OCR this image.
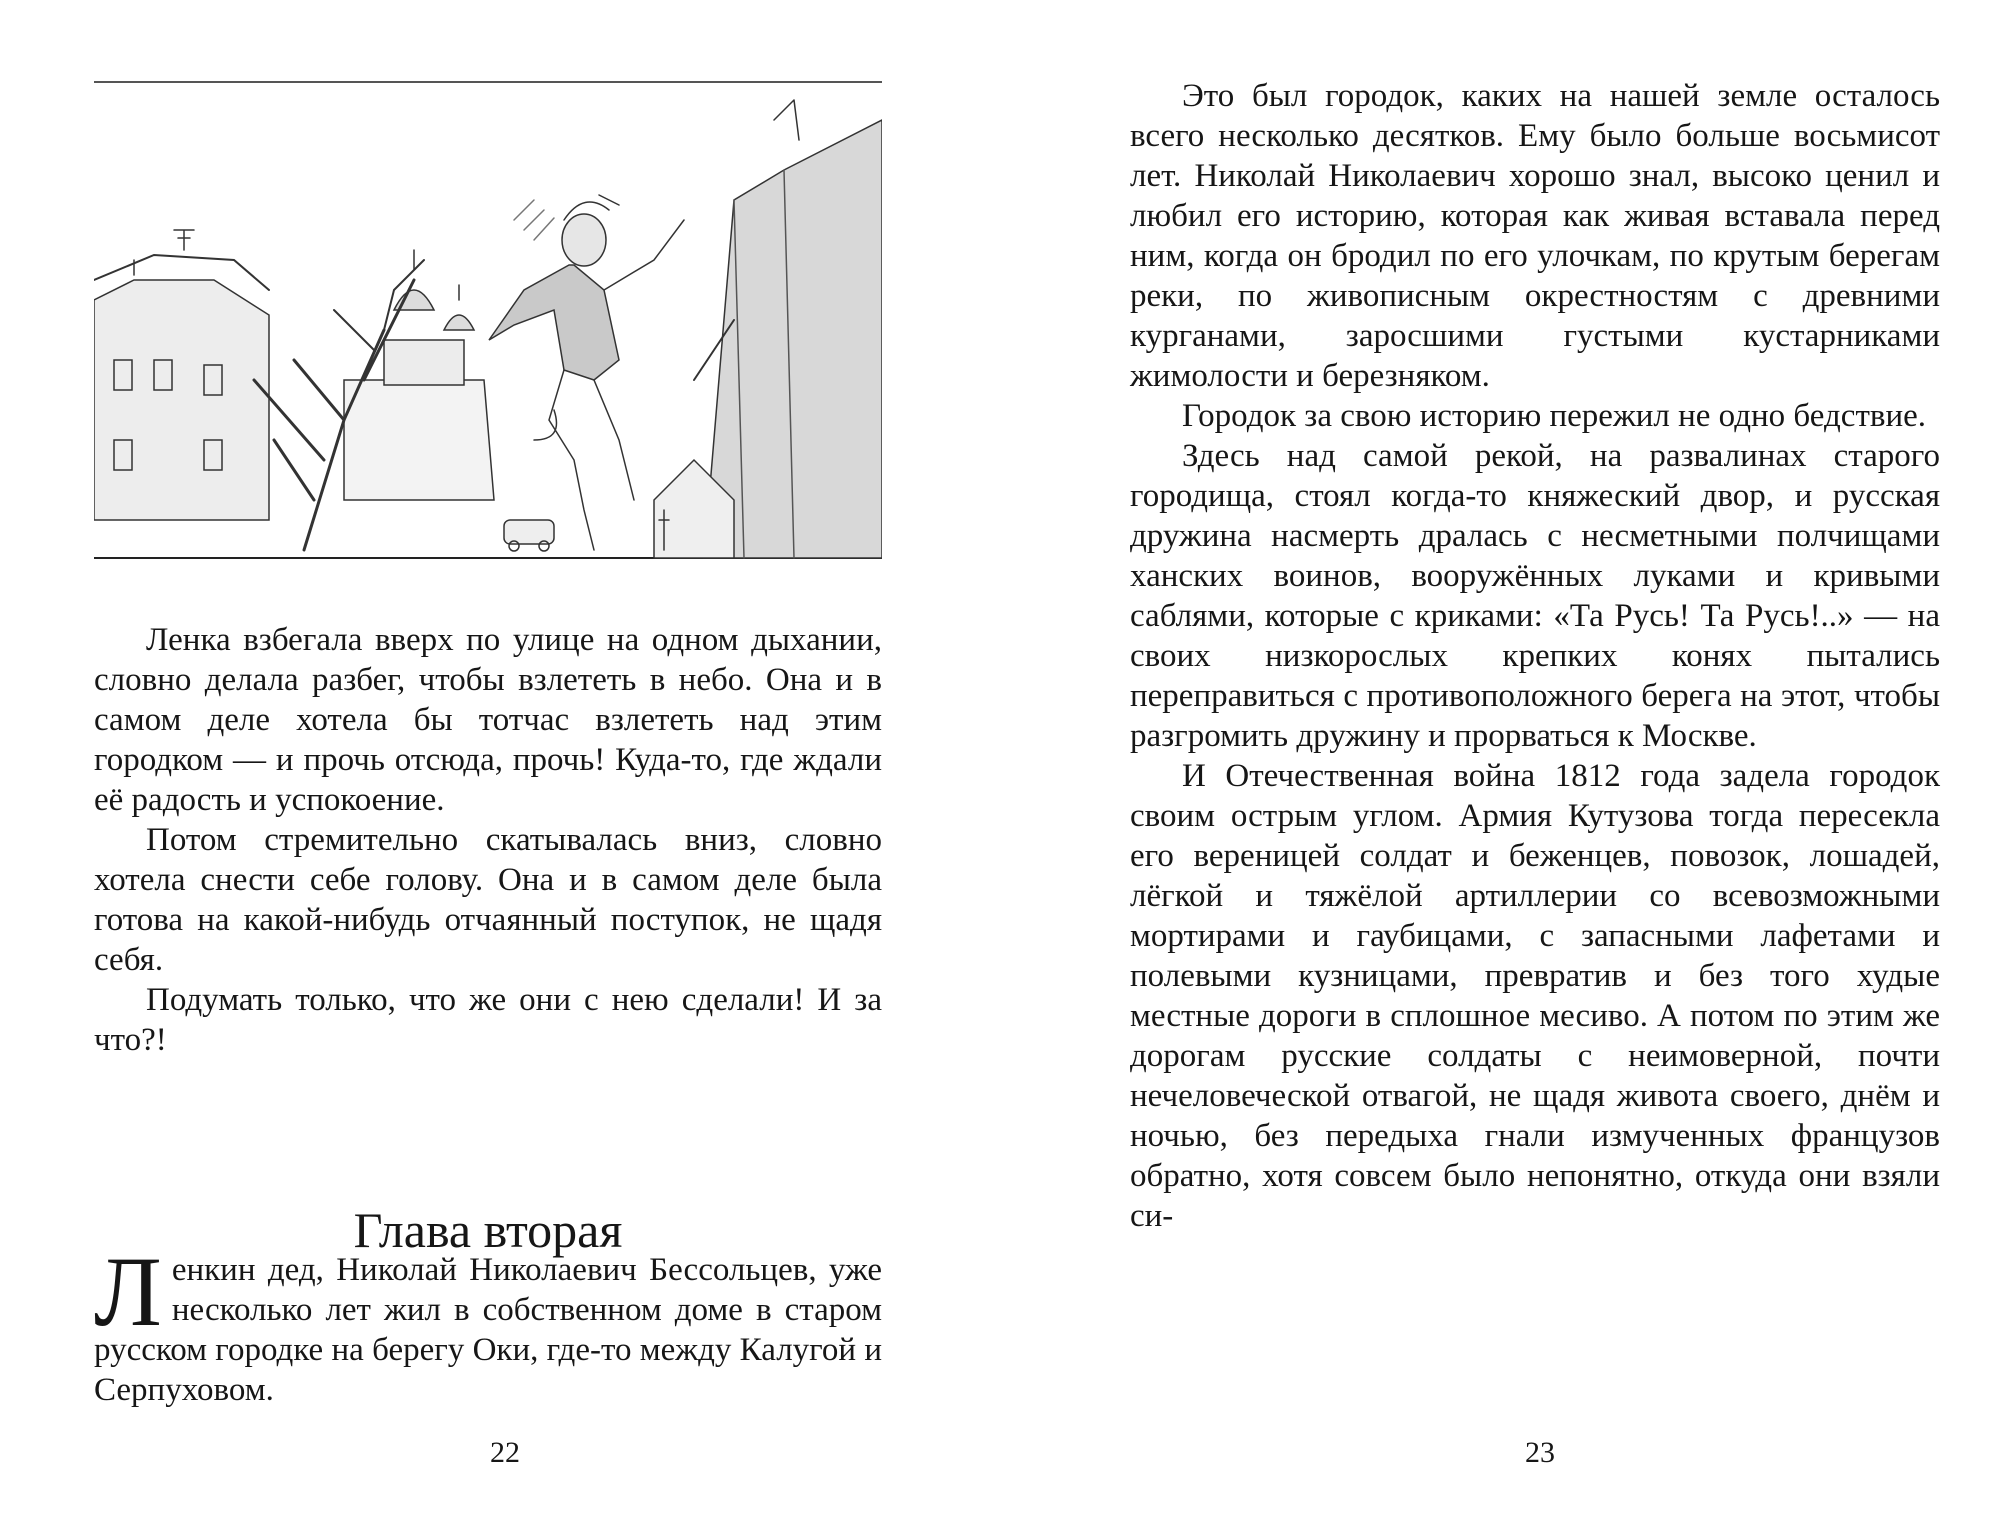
Ленка взбегала вверх по улице на одном дыхании, словно делала разбег, чтобы взлететь в небо. Она и в самом деле хотела бы тотчас взлететь над этим городком — и прочь отсюда, прочь! Куда-то, где ждали её радость и успокоение.

Потом стремительно скатывалась вниз, словно хотела снести себе голову. Она и в самом деле была готова на какой-нибудь отчаянный поступок, не щадя себя.

Подумать только, что же они с нею сделали! И за что?!

Глава вторая

Ленкин дед, Николай Николаевич Бессольцев, уже несколько лет жил в собственном доме в старом русском городке на берегу Оки, где-то между Калугой и Серпуховом.

22

Это был городок, каких на нашей земле осталось всего несколько десятков. Ему было больше восьмисот лет. Николай Николаевич хорошо знал, высоко ценил и любил его историю, которая как живая вставала перед ним, когда он бродил по его улочкам, по крутым берегам реки, по живописным окрестностям с древними курганами, заросшими густыми кустарниками жимолости и березняком.

Городок за свою историю пережил не одно бедствие.

Здесь над самой рекой, на развалинах старого городища, стоял когда-то княжеский двор, и русская дружина насмерть дралась с несметными полчищами ханских воинов, вооружённых луками и кривыми саблями, которые с криками: «Та Русь! Та Русь!..» — на своих низкорослых крепких конях пытались переправиться с противоположного берега на этот, чтобы разгромить дружину и прорваться к Москве.

И Отечественная война 1812 года задела городок своим острым углом. Армия Кутузова тогда пересекла его вереницей солдат и беженцев, повозок, лошадей, лёгкой и тяжёлой артиллерии со всевозможными мортирами и гаубицами, с запасными лафетами и полевыми кузницами, превратив и без того худые местные дороги в сплошное месиво. А потом по этим же дорогам русские солдаты с неимоверной, почти нечеловеческой отвагой, не щадя живота своего, днём и ночью, без передыха гнали измученных французов обратно, хотя совсем было непонятно, откуда они взяли си-

23
